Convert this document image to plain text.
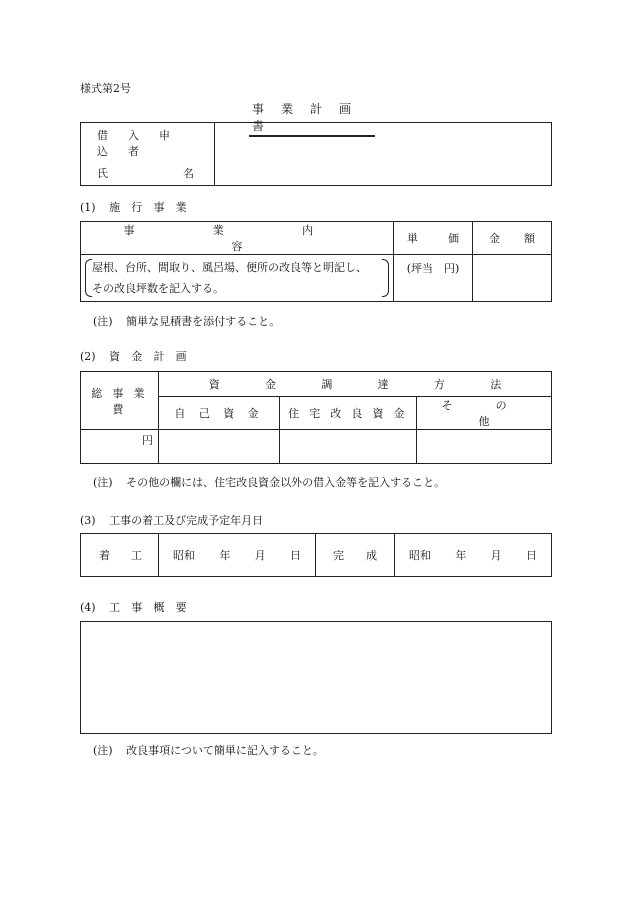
様式第2号
事 業 計 画 書
借 入 申 込 者
氏	名

(1) 施 行 事 業
事 業 内 容	単 価	金 額

屋根、台所、間取り、風呂場、便所の改良等と明記し、
その改良坪数を記入する。	(坪当　円)	
(注) 簡単な見積書を添付すること。
(2) 資 金 計 画
総 事 業 費	資 金 調 達 方 法		
	自 己 資 金	住 宅 改 良 資 金	そ の 他
円			
(注) その他の欄には、住宅改良資金以外の借入金等を記入すること。
(3) 工事の着工及び完成予定年月日
着 工	昭和 年 月 日	完 成	昭和 年 月 日
(4) 工 事 概 要
(注) 改良事項について簡単に記入すること。
